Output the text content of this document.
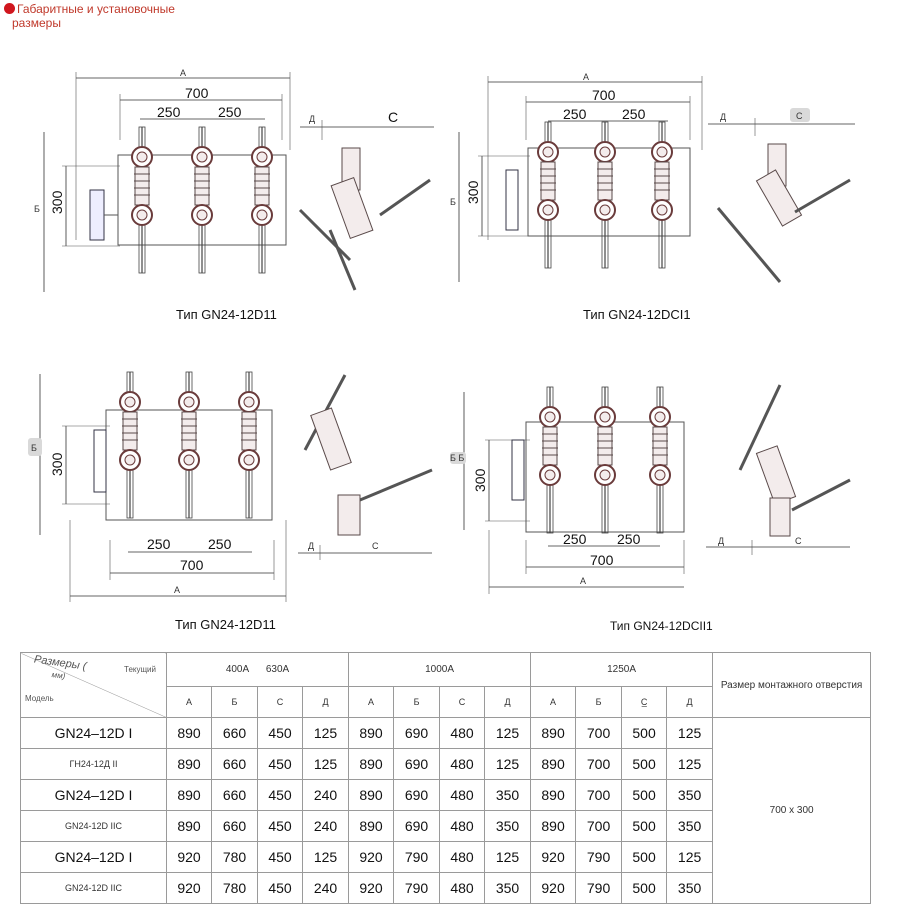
Габаритные и установочные
размеры
A
700
250	250
Б 300
Д	C
A
700
250	250
Б 300
Д	C
Б
300
250	250
700
A
Д	C
Б Б
300
250 250
700
A
Д	C
Тип GN24-12D11	Тип GN24-12DCI1
Тип GN24-12D11	Тип GN24-12DCII1
Размеры (
мм)
Текущий
Модель	400A 630A				1000A				1250A				Размер монтажного отверстия
	A	Б	C	Д	A	Б	C	Д	A	Б	C̲	Д	
GN24–12D I	890	660	450	125	890	690	480	125	890	700	500	125	700 x 300
ГН24-12Д II	890	660	450	125	890	690	480	125	890	700	500	125	
GN24–12D I	890	660	450	240	890	690	480	350	890	700	500	350	
GN24-12D IIC	890	660	450	240	890	690	480	350	890	700	500	350	
GN24–12D I	920	780	450	125	920	790	480	125	920	790	500	125	
GN24-12D IIC	920	780	450	240	920	790	480	350	920	790	500	350	
